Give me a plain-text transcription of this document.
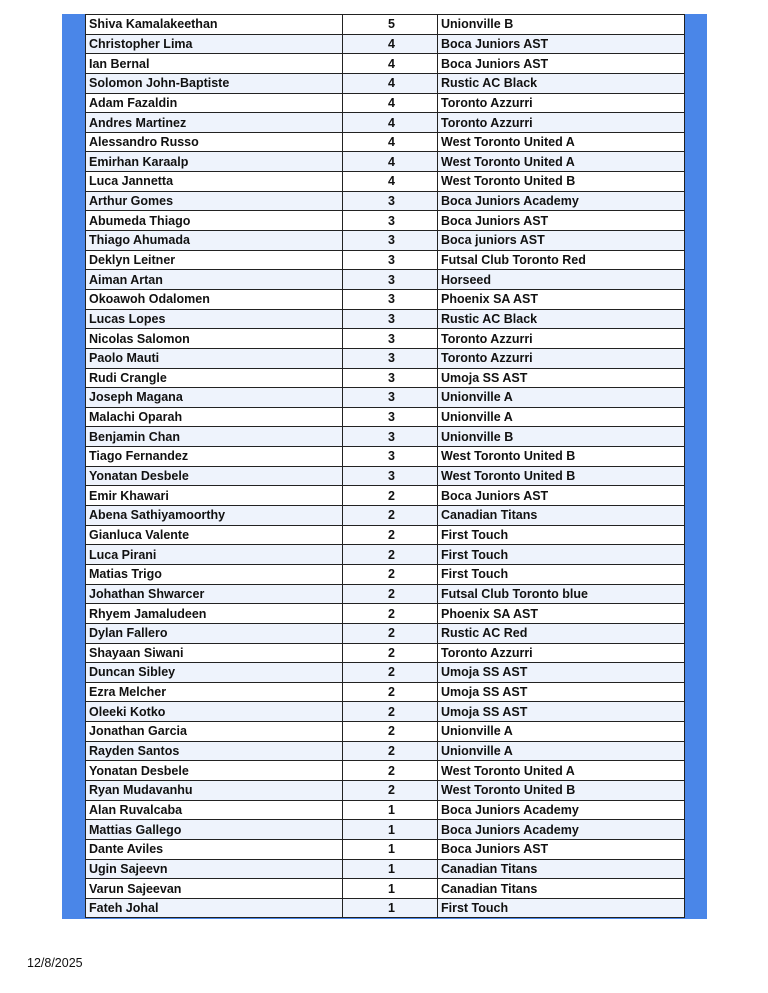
Shiva Kamalakeethan	5	Unionville B
Christopher Lima	4	Boca Juniors AST
Ian Bernal	4	Boca Juniors AST
Solomon John-Baptiste	4	Rustic AC Black
Adam Fazaldin	4	Toronto Azzurri
Andres Martinez	4	Toronto Azzurri
Alessandro Russo	4	West Toronto United A
Emirhan Karaalp	4	West Toronto United A
Luca Jannetta	4	West Toronto United B
Arthur Gomes	3	Boca Juniors Academy
Abumeda Thiago	3	Boca Juniors AST
Thiago Ahumada	3	Boca juniors AST
Deklyn Leitner	3	Futsal Club Toronto Red
Aiman Artan	3	Horseed
Okoawoh Odalomen	3	Phoenix SA AST
Lucas Lopes	3	Rustic AC Black
Nicolas Salomon	3	Toronto Azzurri
Paolo Mauti	3	Toronto Azzurri
Rudi Crangle	3	Umoja SS AST
Joseph Magana	3	Unionville A
Malachi Oparah	3	Unionville A
Benjamin Chan	3	Unionville B
Tiago Fernandez	3	West Toronto United B
Yonatan Desbele	3	West Toronto United B
Emir Khawari	2	Boca Juniors AST
Abena Sathiyamoorthy	2	Canadian Titans
Gianluca Valente	2	First Touch
Luca Pirani	2	First Touch
Matias Trigo	2	First Touch
Johathan Shwarcer	2	Futsal Club Toronto blue
Rhyem Jamaludeen	2	Phoenix SA AST
Dylan Fallero	2	Rustic AC Red
Shayaan Siwani	2	Toronto Azzurri
Duncan Sibley	2	Umoja SS AST
Ezra Melcher	2	Umoja SS AST
Oleeki Kotko	2	Umoja SS AST
Jonathan Garcia	2	Unionville A
Rayden Santos	2	Unionville A
Yonatan Desbele	2	West Toronto United A
Ryan Mudavanhu	2	West Toronto United B
Alan Ruvalcaba	1	Boca Juniors Academy
Mattias Gallego	1	Boca Juniors Academy
Dante Aviles	1	Boca Juniors AST
Ugin Sajeevn	1	Canadian Titans
Varun Sajeevan	1	Canadian Titans
Fateh Johal	1	First Touch
12/8/2025
